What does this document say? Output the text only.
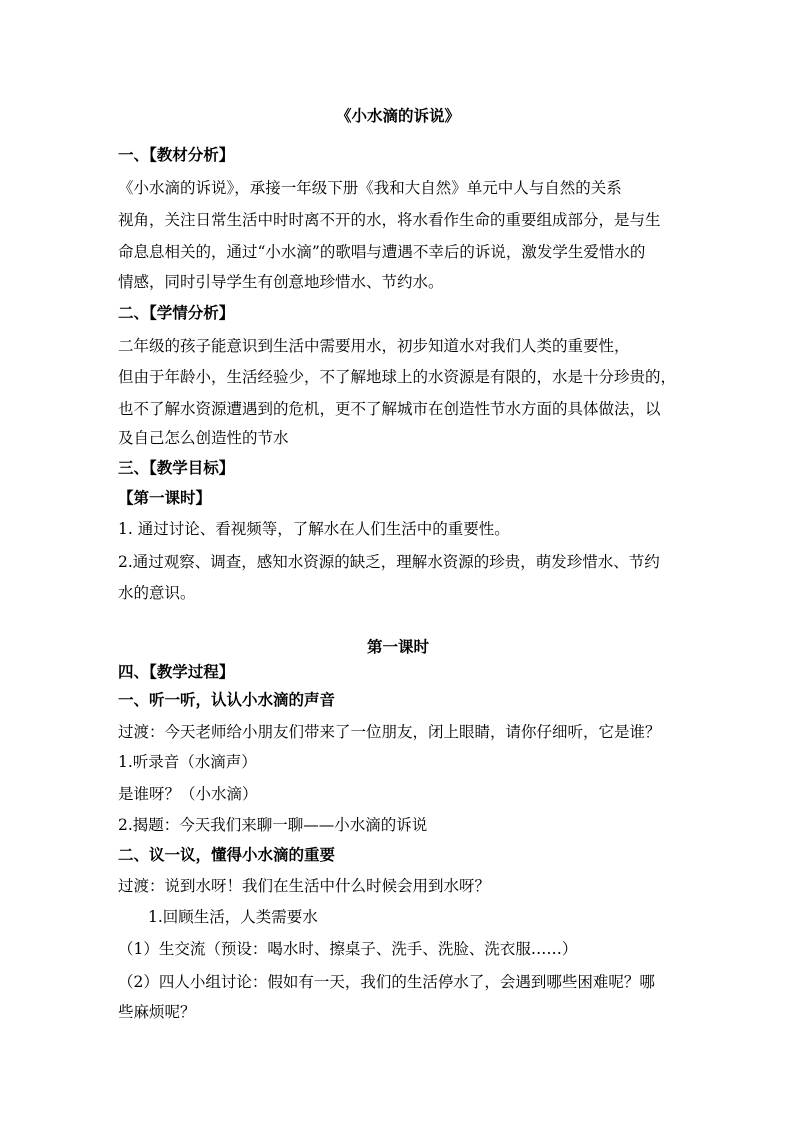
《小水滴的诉说》
一、【教材分析】
《小水滴的诉说》，承接一年级下册《我和大自然》单元中人与自然的关系
视角，关注日常生活中时时离不开的水，将水看作生命的重要组成部分，是与生
命息息相关的，通过“小水滴”的歌唱与遭遇不幸后的诉说，激发学生爱惜水的
情感，同时引导学生有创意地珍惜水、节约水。
二、【学情分析】
二年级的孩子能意识到生活中需要用水，初步知道水对我们人类的重要性，
但由于年龄小，生活经验少，不了解地球上的水资源是有限的，水是十分珍贵的，
也不了解水资源遭遇到的危机，更不了解城市在创造性节水方面的具体做法，以
及自己怎么创造性的节水
三、【教学目标】
【第一课时】
1. 通过讨论、看视频等，了解水在人们生活中的重要性。
2.通过观察、调查，感知水资源的缺乏，理解水资源的珍贵，萌发珍惜水、节约
水的意识。
第一课时
四、【教学过程】
一、听一听，认认小水滴的声音
过渡：今天老师给小朋友们带来了一位朋友，闭上眼睛，请你仔细听，它是谁？
1.听录音（水滴声）
是谁呀？（小水滴）
2.揭题：今天我们来聊一聊——小水滴的诉说
二、议一议，懂得小水滴的重要
过渡：说到水呀！我们在生活中什么时候会用到水呀？
1.回顾生活，人类需要水
（1）生交流（预设：喝水时、擦桌子、洗手、洗脸、洗衣服……）
（2）四人小组讨论：假如有一天，我们的生活停水了，会遇到哪些困难呢？哪
些麻烦呢？
